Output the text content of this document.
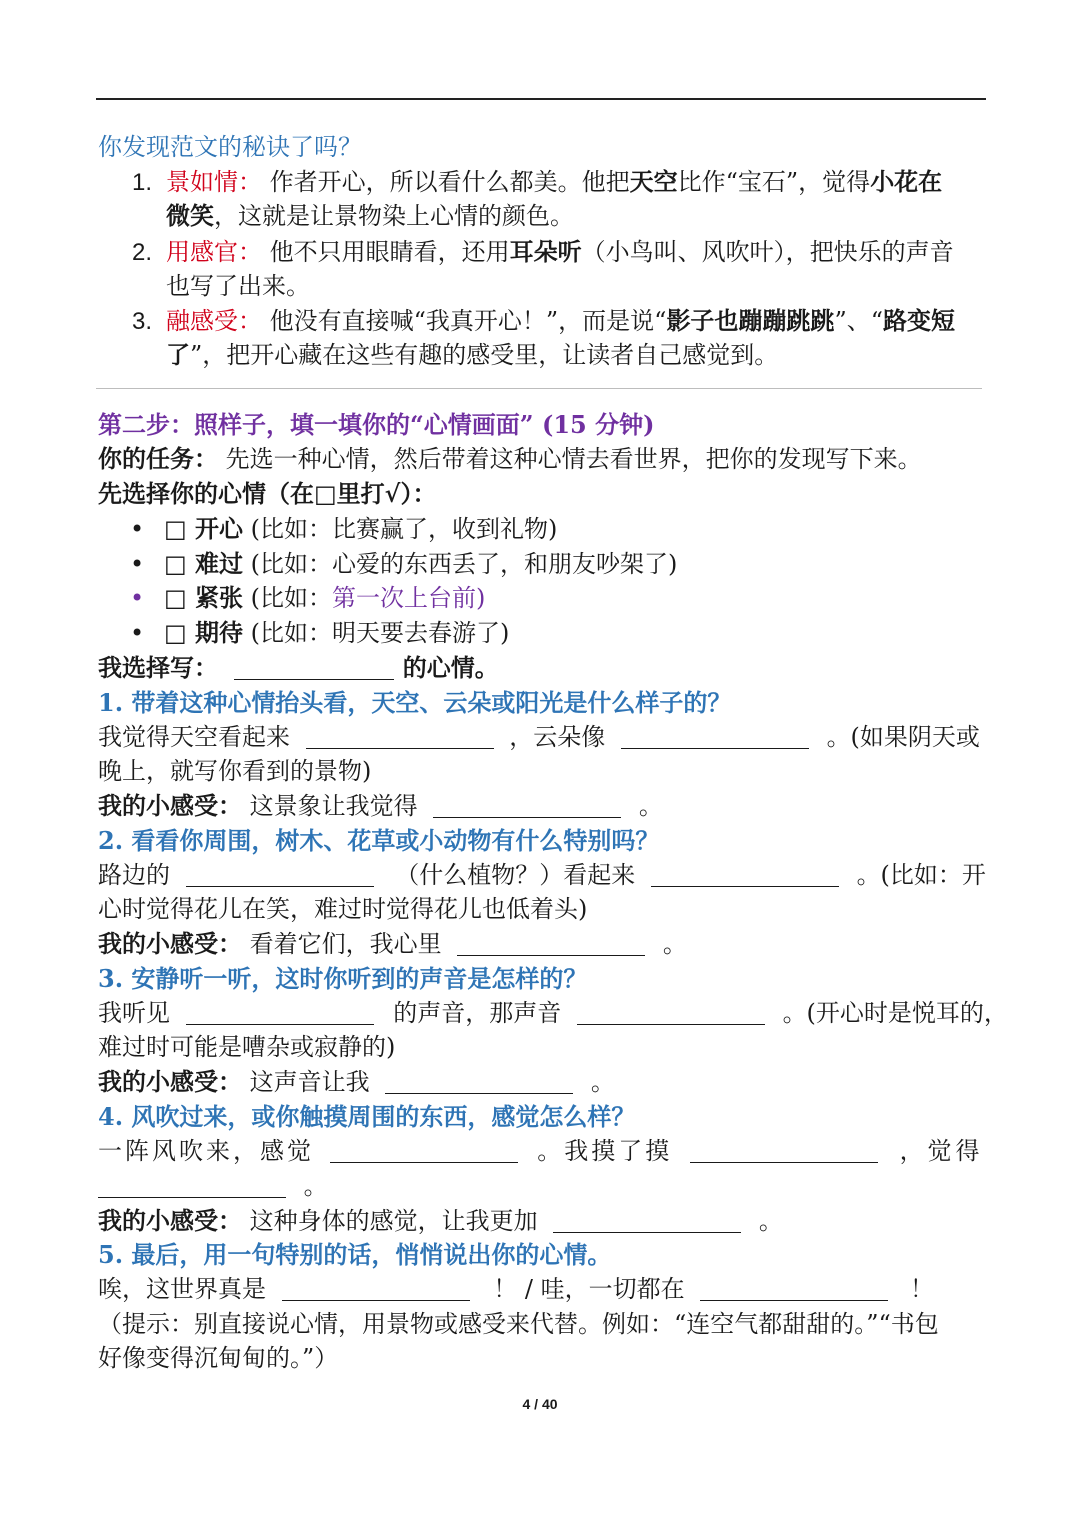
你发现范文的秘诀了吗？
1. 景如情： 作者开心，所以看什么都美。他把天空比作“宝石”，觉得小花在
微笑，这就是让景物染上心情的颜色。
2. 用感官： 他不只用眼睛看，还用耳朵听（小鸟叫、风吹叶），把快乐的声音
也写了出来。
3. 融感受： 他没有直接喊“我真开心！”，而是说“影子也蹦蹦跳跳”、“路变短
了”，把开心藏在这些有趣的感受里，让读者自己感觉到。
第二步：照样子，填一填你的“心情画面” (15 分钟)
你的任务： 先选一种心情，然后带着这种心情去看世界，把你的发现写下来。
先选择你的心情（在□里打√）：
• □ 开心 (比如：比赛赢了，收到礼物)
• □ 难过 (比如：心爱的东西丢了，和朋友吵架了)
• □ 紧张 (比如：第一次上台前)
• □ 期待 (比如：明天要去春游了)
我选择写：	的心情。
1. 带着这种心情抬头看，天空、云朵或阳光是什么样子的？
我觉得天空看起来	，云朵像	。(如果阴天或
晚上，就写你看到的景物)
我的小感受： 这景象让我觉得	。
2. 看看你周围，树木、花草或小动物有什么特别吗？
路边的	（什么植物？）看起来	。(比如：开
心时觉得花儿在笑，难过时觉得花儿也低着头)
我的小感受： 看着它们，我心里	。
3. 安静听一听，这时你听到的声音是怎样的？
我听见	的声音，那声音	。(开心时是悦耳的，
难过时可能是嘈杂或寂静的)
我的小感受： 这声音让我	。
4. 风吹过来，或你触摸周围的东西，感觉怎么样？
一阵风吹来，感觉	。我摸了摸	，觉得
。
我的小感受： 这种身体的感觉，让我更加	。
5. 最后，用一句特别的话，悄悄说出你的心情。
唉，这世界真是	！ / 哇，一切都在	！
（提示：别直接说心情，用景物或感受来代替。例如：“连空气都甜甜的。”“书包
好像变得沉甸甸的。”）
4 / 40
